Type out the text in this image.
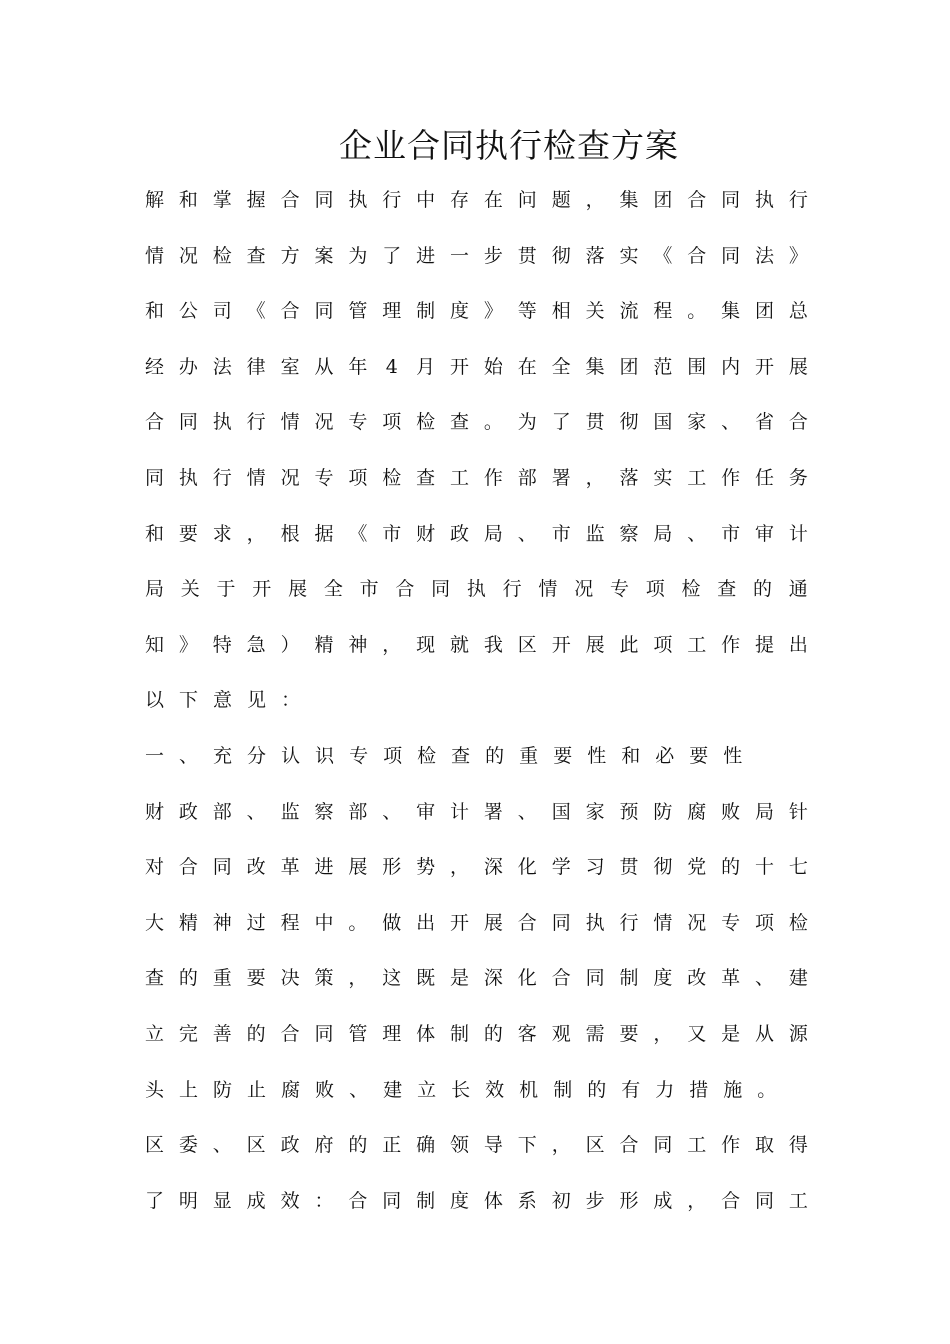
企业合同执行检查方案
解 和 掌 握 合 同 执 行 中 存 在 问 题 ， 集 团 合 同 执 行
情 况 检 查 方 案 为 了 进 一 步 贯 彻 落 实 《 合 同 法 》
和 公 司 《 合 同 管 理 制 度 》 等 相 关 流 程 。 集 团 总
经 办 法 律 室 从 年 4 月 开 始 在 全 集 团 范 围 内 开 展
合 同 执 行 情 况 专 项 检 查 。 为 了 贯 彻 国 家 、 省 合
同 执 行 情 况 专 项 检 查 工 作 部 署 ， 落 实 工 作 任 务
和 要 求 ， 根 据 《 市 财 政 局 、 市 监 察 局 、 市 审 计
局 关 于 开 展 全 市 合 同 执 行 情 况 专 项 检 查 的 通
知 》 特 急 ） 精 神 ， 现 就 我 区 开 展 此 项 工 作 提 出
以 下 意 见 ：
一 、 充 分 认 识 专 项 检 查 的 重 要 性 和 必 要 性
财 政 部 、 监 察 部 、 审 计 署 、 国 家 预 防 腐 败 局 针
对 合 同 改 革 进 展 形 势 ， 深 化 学 习 贯 彻 党 的 十 七
大 精 神 过 程 中 。 做 出 开 展 合 同 执 行 情 况 专 项 检
查 的 重 要 决 策 ， 这 既 是 深 化 合 同 制 度 改 革 、 建
立 完 善 的 合 同 管 理 体 制 的 客 观 需 要 ， 又 是 从 源
头 上 防 止 腐 败 、 建 立 长 效 机 制 的 有 力 措 施 。
区 委 、 区 政 府 的 正 确 领 导 下 ， 区 合 同 工 作 取 得
了 明 显 成 效 ： 合 同 制 度 体 系 初 步 形 成 ， 合 同 工
